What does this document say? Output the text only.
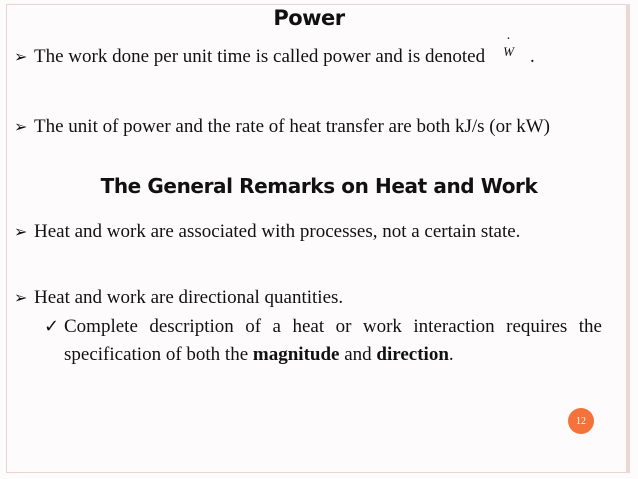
Power
➢ The work done per unit time is called power and is denoted· W .
➢ The unit of power and the rate of heat transfer are both kJ/s (or kW)
The General Remarks on Heat and Work
➢ Heat and work are associated with processes, not a certain state.
➢ Heat and work are directional quantities.
✓ Complete description of a heat or work interaction requires the specification of both the magnitude and direction.
12
